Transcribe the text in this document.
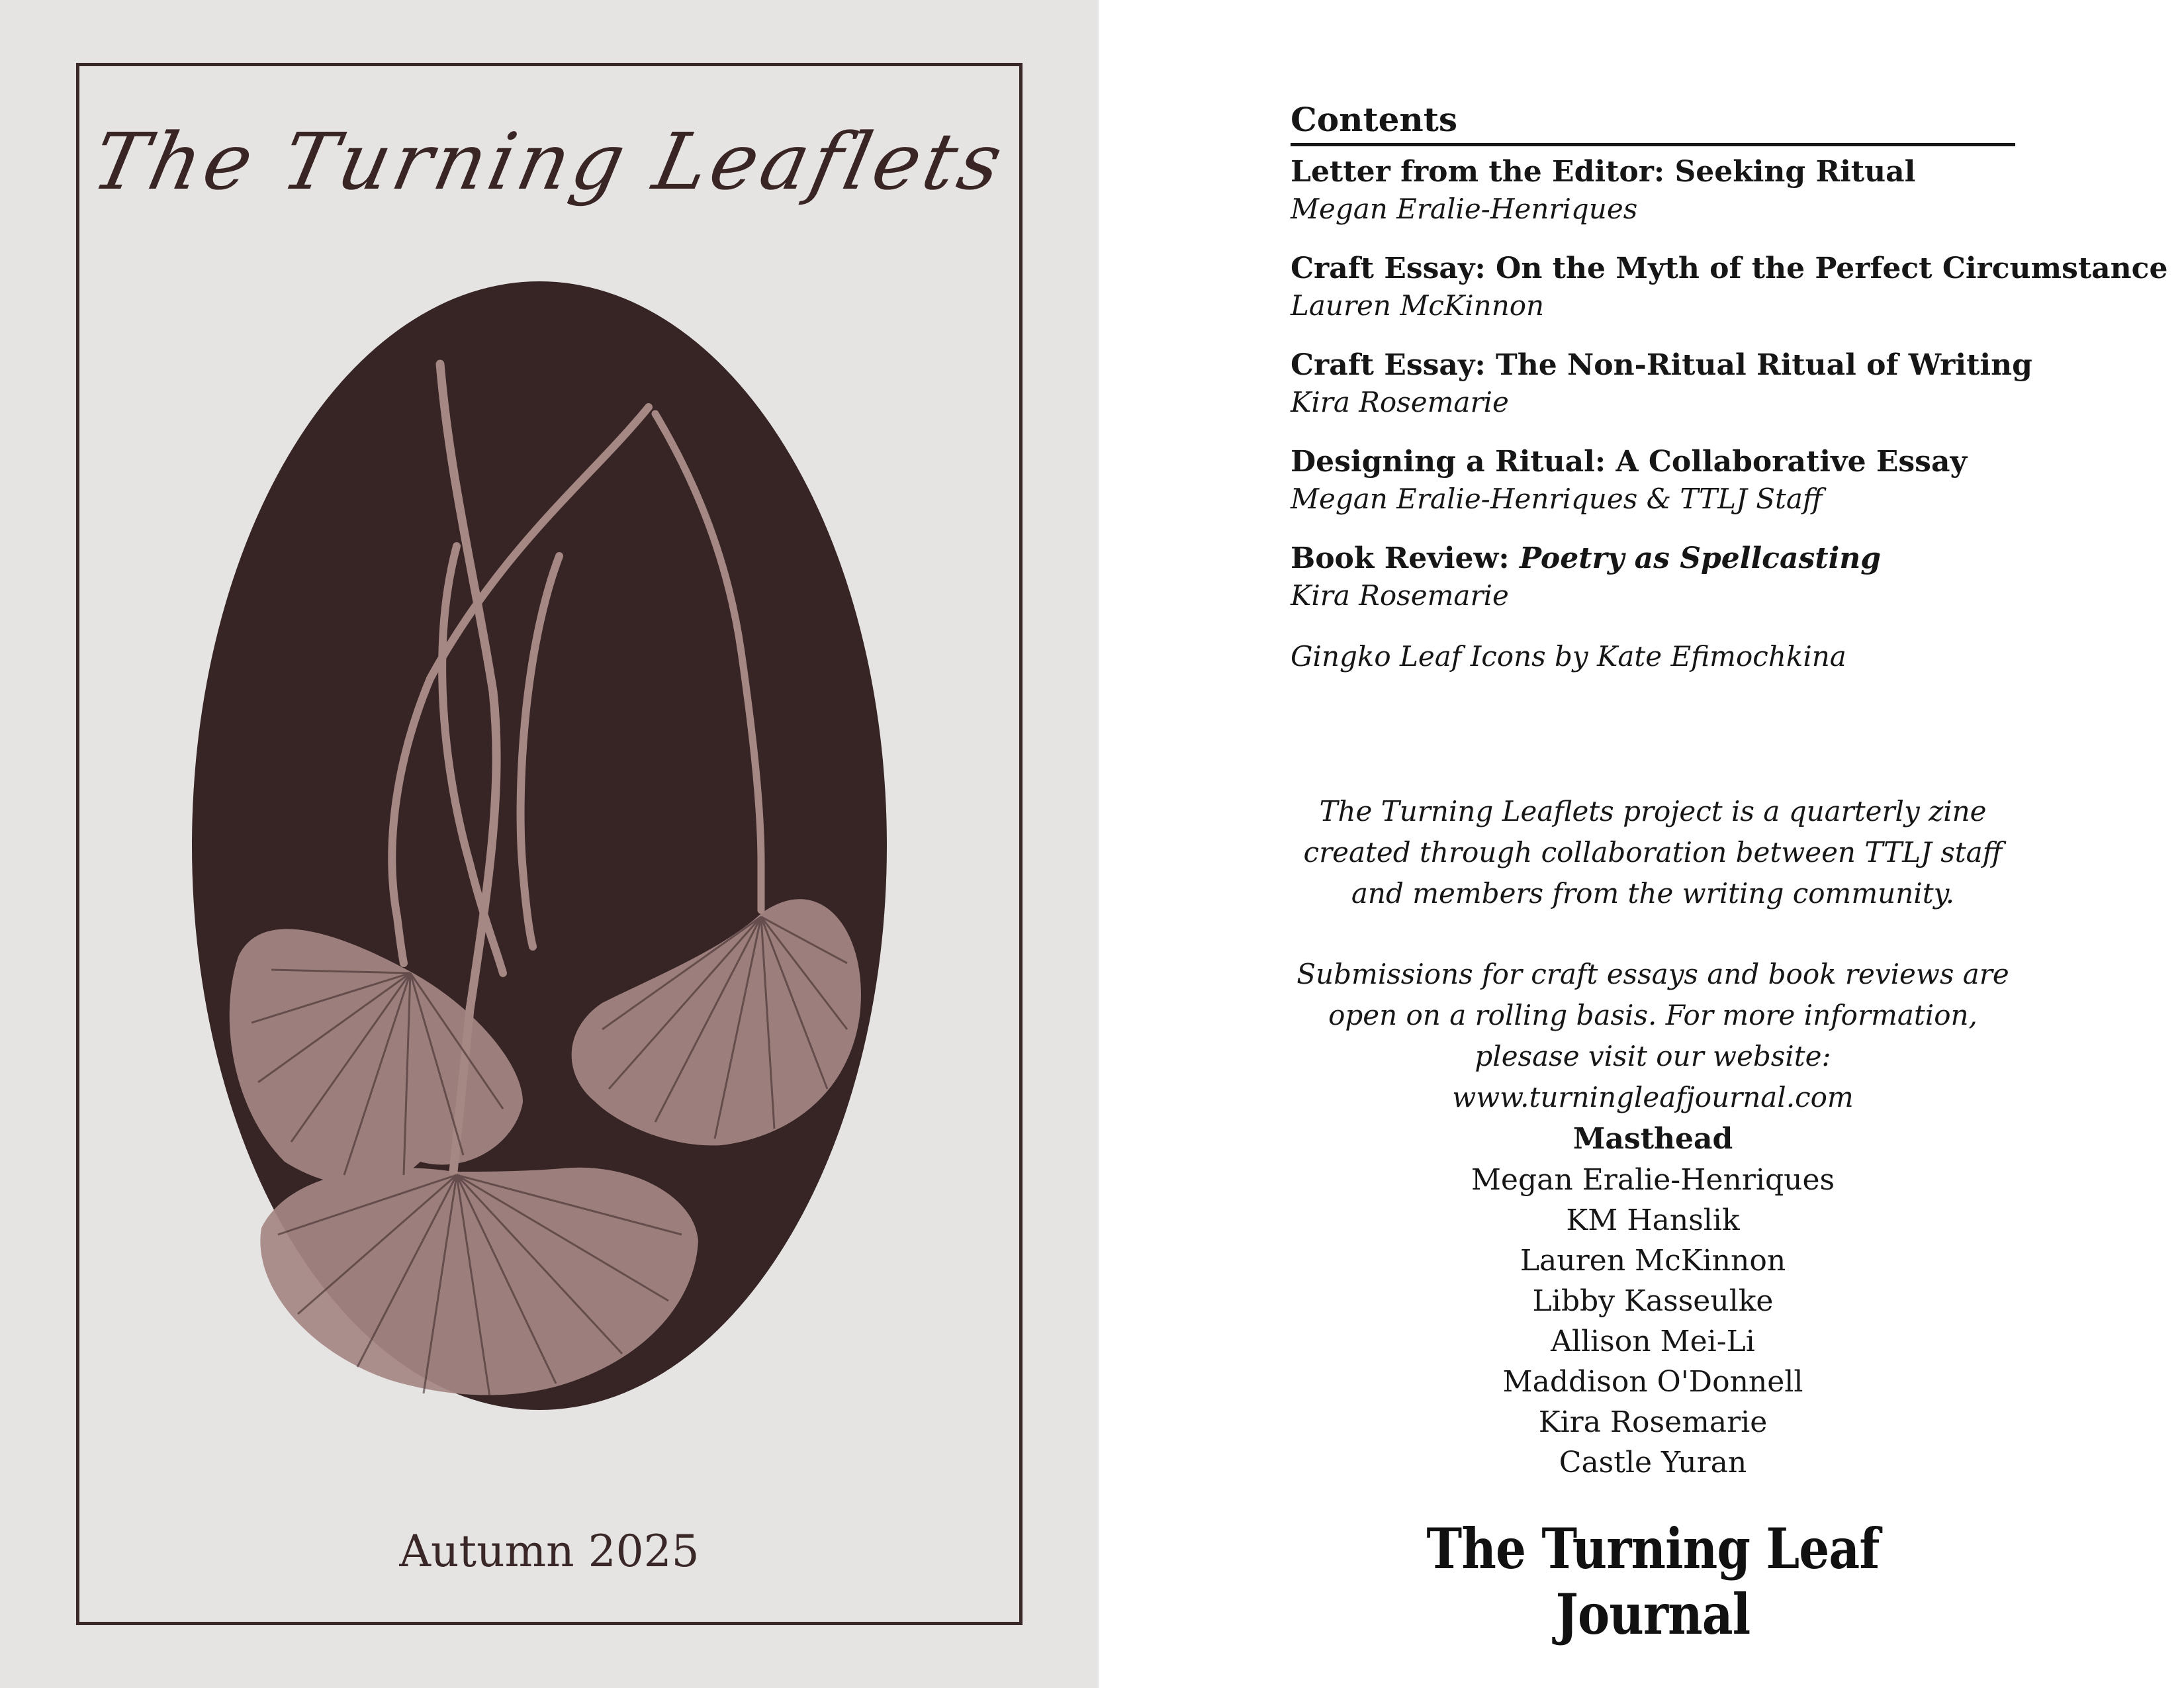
The Turning Leaflets
Autumn 2025
Contents
Letter from the Editor: Seeking Ritual
Megan Eralie-Henriques
Craft Essay: On the Myth of the Perfect Circumstance
Lauren McKinnon
Craft Essay: The Non-Ritual Ritual of Writing
Kira Rosemarie
Designing a Ritual: A Collaborative Essay
Megan Eralie-Henriques & TTLJ Staff
Book Review: Poetry as Spellcasting
Kira Rosemarie
Gingko Leaf Icons by Kate Efimochkina

The Turning Leaflets project is a quarterly zine created through collaboration between TTLJ staff and members from the writing community.

Submissions for craft essays and book reviews are open on a rolling basis. For more information, plesase visit our website: www.turningleafjournal.com

Masthead
Megan Eralie-Henriques
KM Hanslik
Lauren McKinnon
Libby Kasseulke
Allison Mei-Li
Maddison O'Donnell
Kira Rosemarie
Castle Yuran
The Turning Leaf Journal
